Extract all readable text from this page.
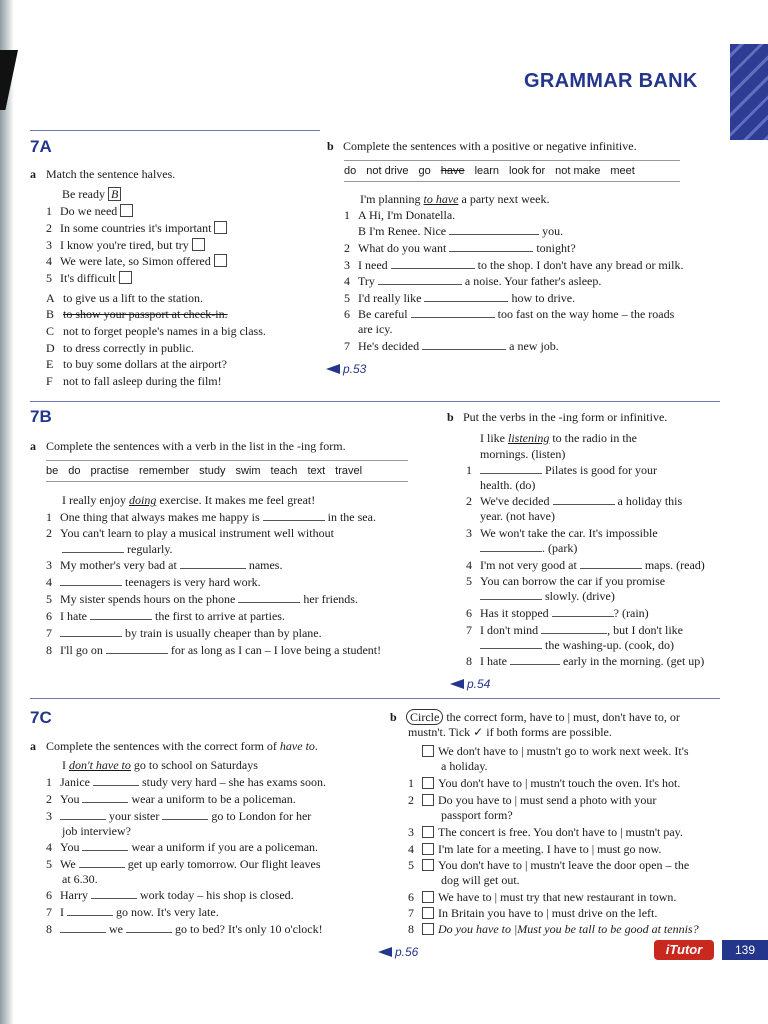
GRAMMAR BANK
7A
a Match the sentence halves.
Be ready B
1 Do we need
2 In some countries it's important
3 I know you're tired, but try
4 We were late, so Simon offered
5 It's difficult
A to give us a lift to the station.
B to show your passport at check-in.
C not to forget people's names in a big class.
D to dress correctly in public.
E to buy some dollars at the airport?
F not to fall asleep during the film!
b Complete the sentences with a positive or negative infinitive.
do not drive go have learn look for not make meet
I'm planning to have a party next week.
1 A Hi, I'm Donatella.
B I'm Renee. Nice	you.
2 What do you want	tonight?
3 I need	to the shop. I don't have any bread or milk.
4 Try	a noise. Your father's asleep.
5 I'd really like	how to drive.
6 Be careful	too fast on the way home – the roads
are icy.
7 He's decided	a new job.
p.53
7B
a Complete the sentences with a verb in the list in the -ing form.
be do practise remember study swim teach text travel
I really enjoy doing exercise. It makes me feel great!
1 One thing that always makes me happy is	in the sea.
2 You can't learn to play a musical instrument well without
regularly.
3 My mother's very bad at	names.
4	teenagers is very hard work.
5 My sister spends hours on the phone	her friends.
6 I hate	the first to arrive at parties.
7	by train is usually cheaper than by plane.
8 I'll go on	for as long as I can – I love being a student!
b Put the verbs in the -ing form or infinitive.
I like listening to the radio in the
mornings. (listen)
1	Pilates is good for your
health. (do)
2 We've decided	a holiday this
year. (not have)
3 We won't take the car. It's impossible
. (park)
4 I'm not very good at	maps. (read)
5 You can borrow the car if you promise
slowly. (drive)
6 Has it stopped	? (rain)
7 I don't mind	, but I don't like
the washing-up. (cook, do)
8 I hate	early in the morning. (get up)
p.54
7C
a Complete the sentences with the correct form of have to.
I don't have to go to school on Saturdays
1 Janice	study very hard – she has exams soon.
2 You	wear a uniform to be a policeman.
3	your sister	go to London for her
job interview?
4 You	wear a uniform if you are a policeman.
5 We	get up early tomorrow. Our flight leaves
at 6.30.
6 Harry	work today – his shop is closed.
7 I	go now. It's very late.
8	we	go to bed? It's only 10 o'clock!
b Circle the correct form, have to | must, don't have to, or
mustn't. Tick ✓ if both forms are possible.
We don't have to | mustn't go to work next week. It's
a holiday.
1 You don't have to | mustn't touch the oven. It's hot.
2 Do you have to | must send a photo with your
passport form?
3 The concert is free. You don't have to | mustn't pay.
4 I'm late for a meeting. I have to | must go now.
5 You don't have to | mustn't leave the door open – the
dog will get out.
6 We have to | must try that new restaurant in town.
7 In Britain you have to | must drive on the left.
8 Do you have to |Must you be tall to be good at tennis?
p.56	iTutor	139
